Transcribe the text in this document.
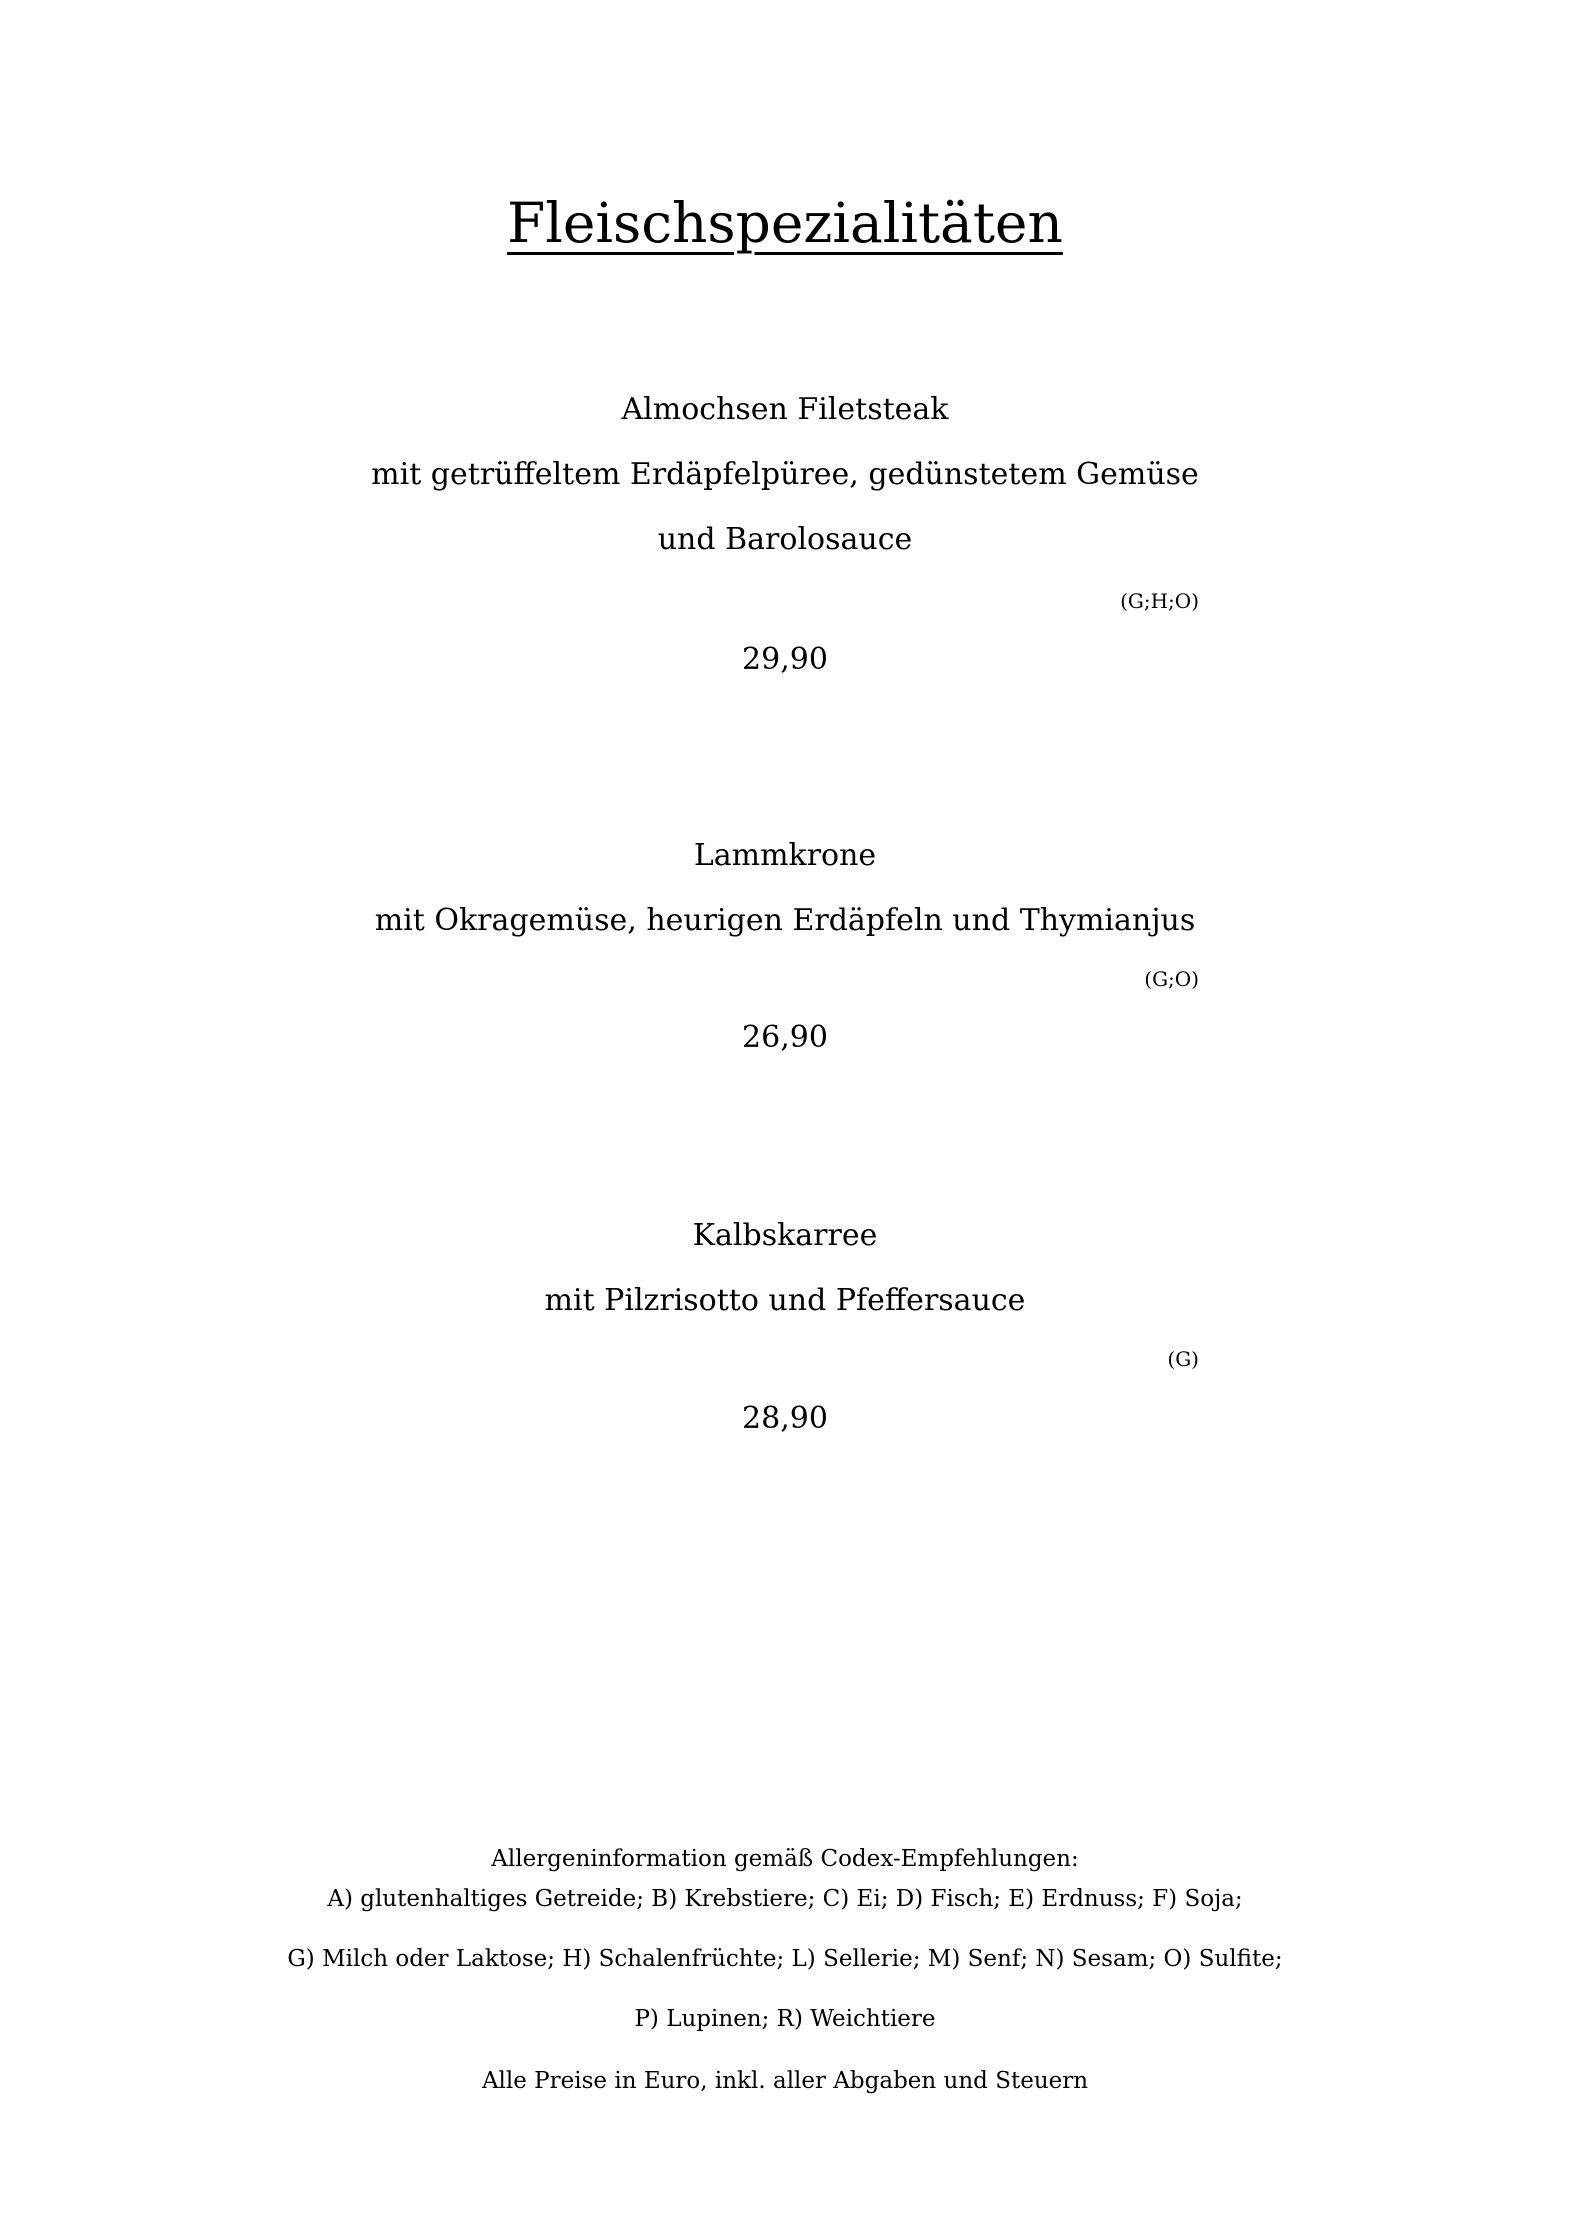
Fleischspezialitäten
Almochsen Filetsteak
mit getrüffeltem Erdäpfelpüree, gedünstetem Gemüse
und Barolosauce
(G;H;O)
29,90
Lammkrone
mit Okragemüse, heurigen Erdäpfeln und Thymianjus
(G;O)
26,90
Kalbskarree
mit Pilzrisotto und Pfeffersauce
(G)
28,90
Allergeninformation gemäß Codex-Empfehlungen:
A) glutenhaltiges Getreide; B) Krebstiere; C) Ei; D) Fisch; E) Erdnuss; F) Soja;
G) Milch oder Laktose; H) Schalenfrüchte; L) Sellerie; M) Senf; N) Sesam; O) Sulfite;
P) Lupinen; R) Weichtiere
Alle Preise in Euro, inkl. aller Abgaben und Steuern
